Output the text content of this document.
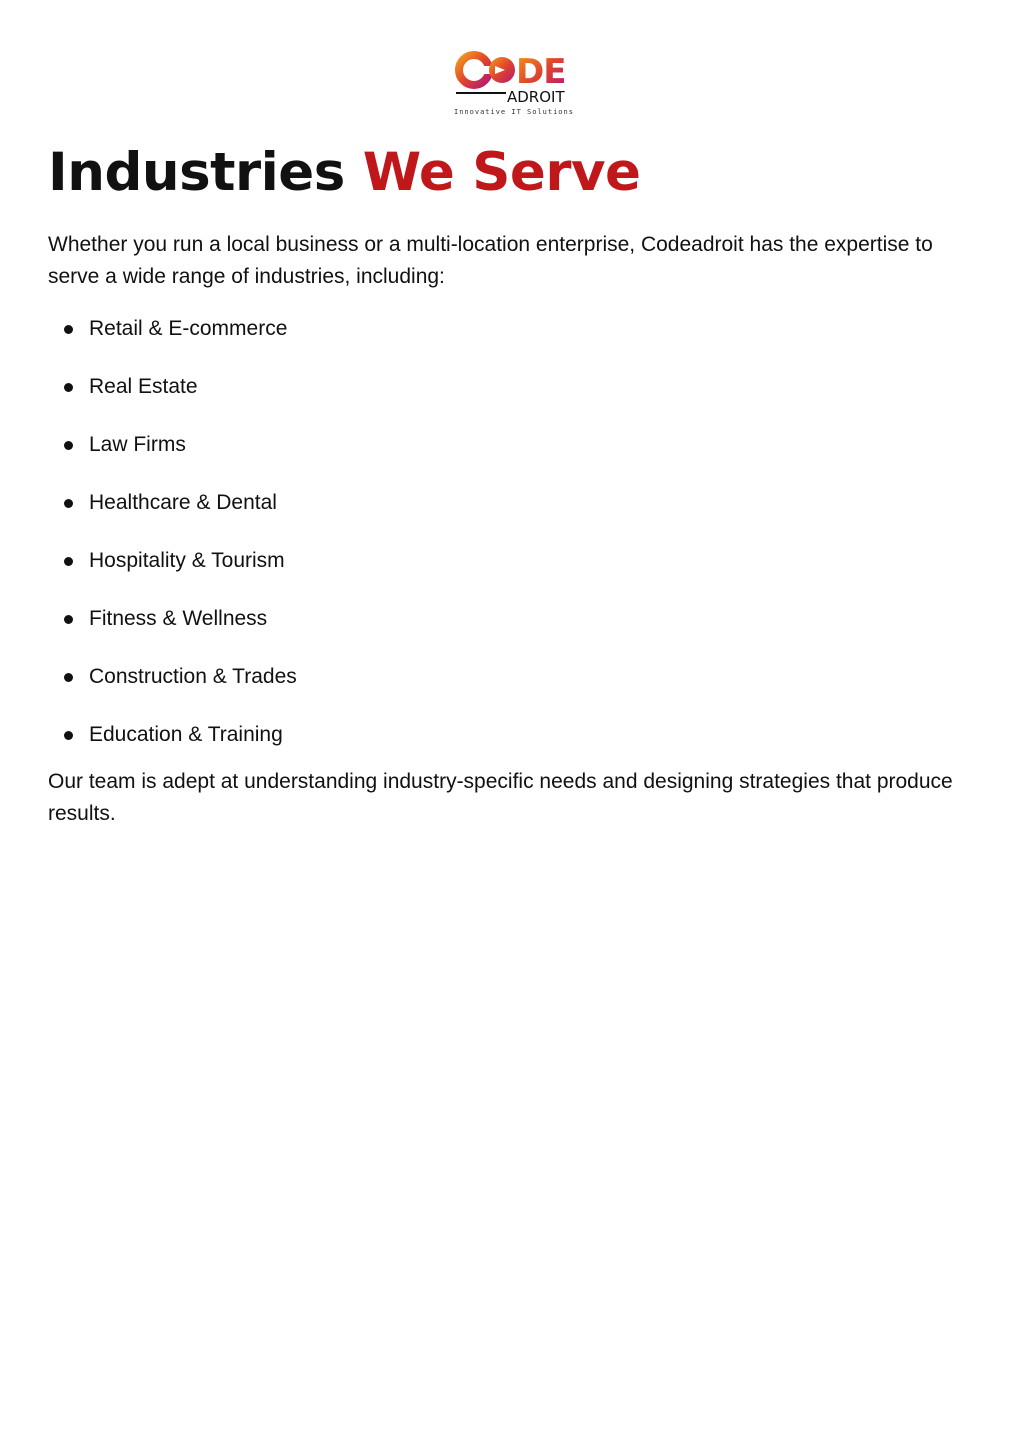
DE
ADROIT
Innovative IT Solutions
Industries We Serve

Whether you run a local business or a multi-location enterprise, Codeadroit has the expertise to serve a wide range of industries, including:

Retail & E-commerce
Real Estate
Law Firms
Healthcare & Dental
Hospitality & Tourism
Fitness & Wellness
Construction & Trades
Education & Training

Our team is adept at understanding industry-specific needs and designing strategies that produce results.
